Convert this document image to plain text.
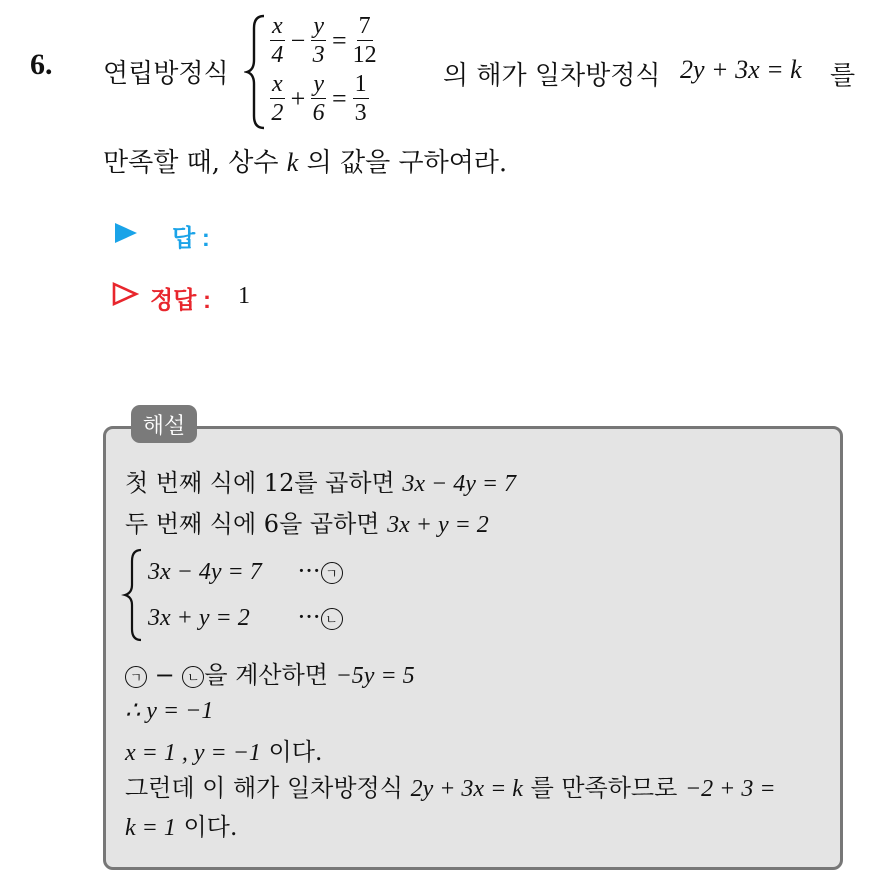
6. 연립방정식
$\frac{x}{4} - \frac{y}{3} = \frac{7}{12}$
$\frac{x}{2} + \frac{y}{6} = \frac{1}{3}$	의 해가 일차방정식 2y + 3x = k 를
만족할 때, 상수 k 의 값을 구하여라.
답 :
정답 : 1
해설
첫 번째 식에 12를 곱하면 3x − 4y = 7
두 번째 식에 6을 곱하면 3x + y = 2
3x − 4y = 7 ··· ㄱ
3x + y = 2 ··· ㄴ
ㄱ − ㄴ 을 계산하면 −5y = 5
∴ y = −1
x = 1 , y = −1 이다.
그런데 이 해가 일차방정식 2y + 3x = k 를 만족하므로 −2 + 3 =
k = 1 이다.
